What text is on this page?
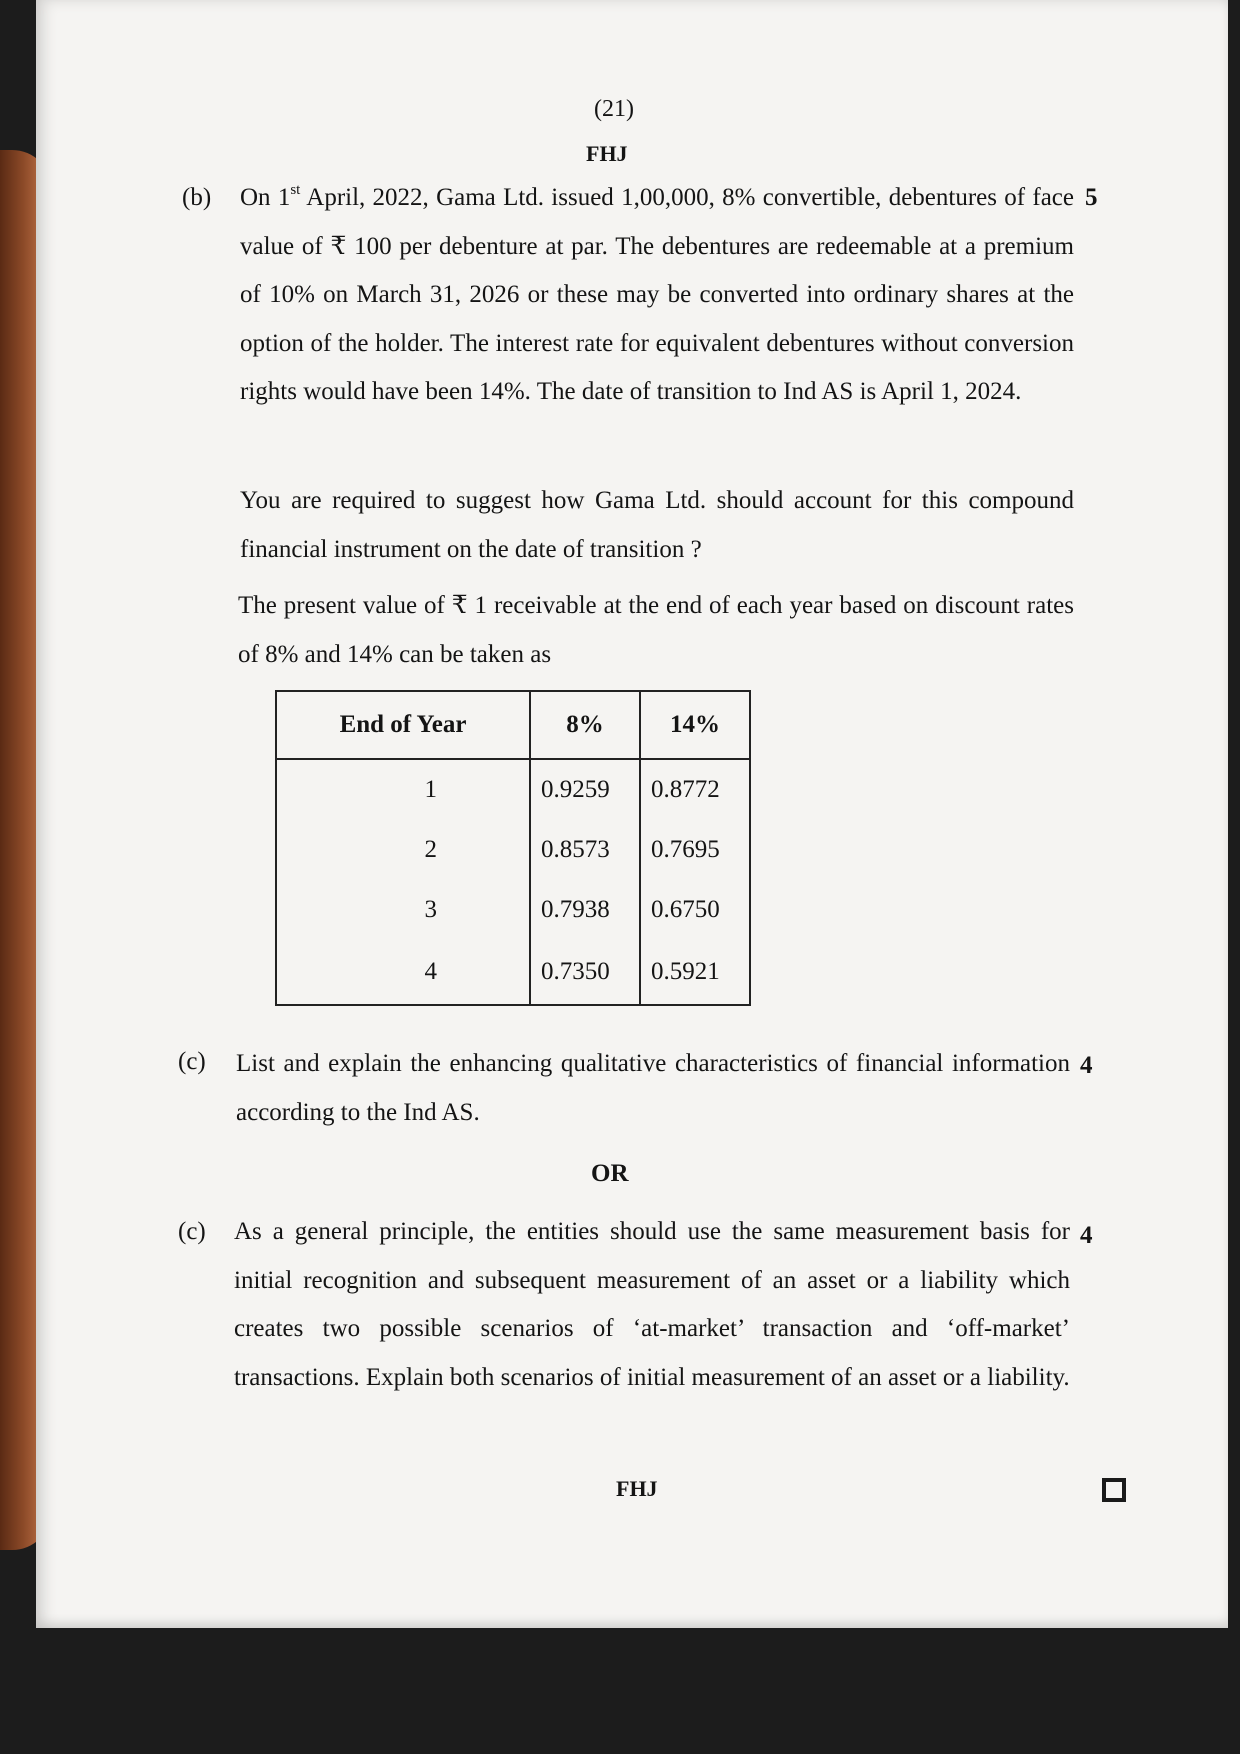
(21)
FHJ
(b)	5

On 1st April, 2022, Gama Ltd. issued 1,00,000, 8% convertible, debentures of face value of ₹ 100 per debenture at par. The debentures are redeemable at a premium of 10% on March 31, 2026 or these may be converted into ordinary shares at the option of the holder. The interest rate for equivalent debentures without conversion rights would have been 14%. The date of transition to Ind AS is April 1, 2024.

You are required to suggest how Gama Ltd. should account for this compound financial instrument on the date of transition ?
The present value of ₹ 1 receivable at the end of each year based on discount rates of 8% and 14% can be taken as
End of Year	8%	14%
1	0.9259	0.8772
2	0.8573	0.7695
3	0.7938	0.6750
4	0.7350	0.5921
(c)	4
List and explain the enhancing qualitative characteristics of financial information according to the Ind AS.
OR
(c)	4
As a general principle, the entities should use the same measurement basis for initial recognition and subsequent measurement of an asset or a liability which creates two possible scenarios of ‘at-market’ transaction and ‘off-market’ transactions. Explain both scenarios of initial measurement of an asset or a liability.
FHJ
